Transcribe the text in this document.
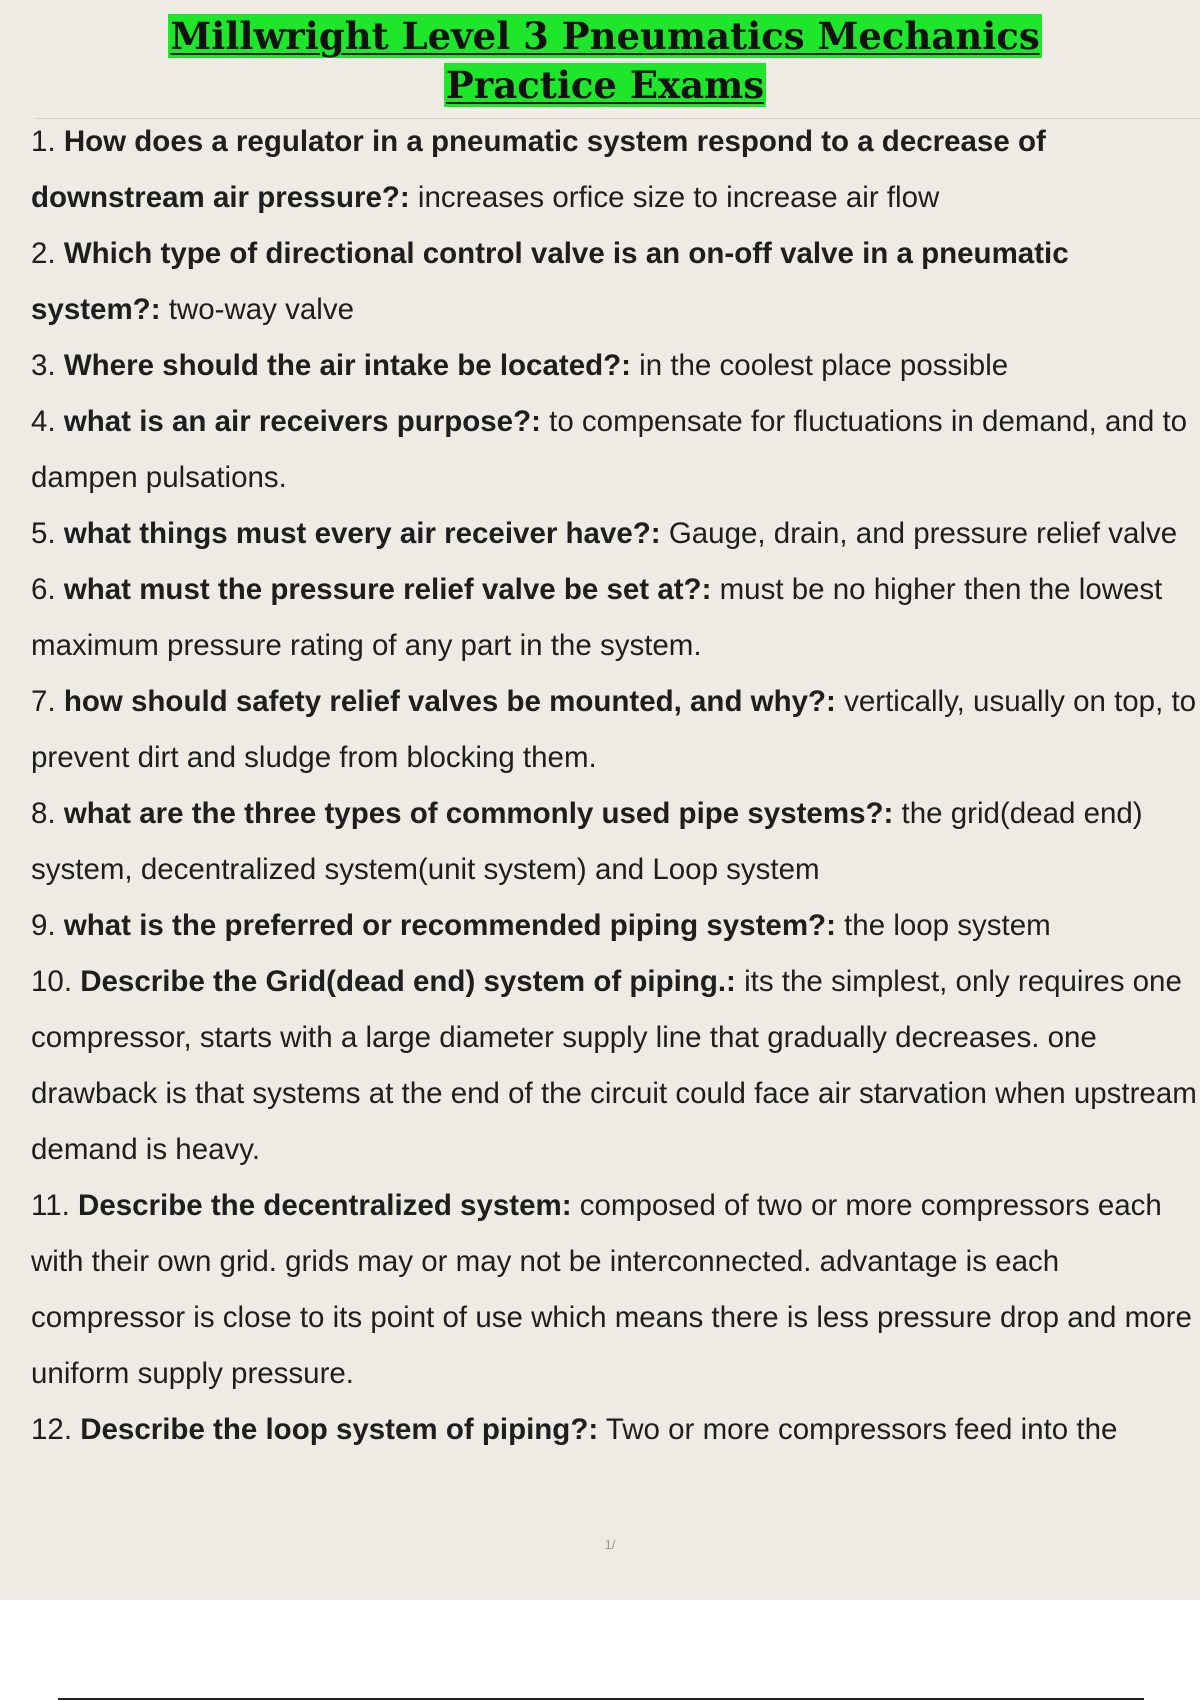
Millwright Level 3 Pneumatics Mechanics
Practice Exams

1. How does a regulator in a pneumatic system respond to a decrease of downstream air pressure?: increases orfice size to increase air flow

2. Which type of directional control valve is an on-off valve in a pneumatic system?: two-way valve

3. Where should the air intake be located?: in the coolest place possible

4. what is an air receivers purpose?: to compensate for fluctuations in demand, and to dampen pulsations.

5. what things must every air receiver have?: Gauge, drain, and pressure relief valve

6. what must the pressure relief valve be set at?: must be no higher then the lowest maximum pressure rating of any part in the system.

7. how should safety relief valves be mounted, and why?: vertically, usually on top, to prevent dirt and sludge from blocking them.

8. what are the three types of commonly used pipe systems?: the grid(dead end) system, decentralized system(unit system) and Loop system

9. what is the preferred or recommended piping system?: the loop system

10. Describe the Grid(dead end) system of piping.: its the simplest, only requires one compressor, starts with a large diameter supply line that gradually decreases. one drawback is that systems at the end of the circuit could face air starvation when upstream demand is heavy.

11. Describe the decentralized system: composed of two or more compressors each with their own grid. grids may or may not be interconnected. advantage is each compressor is close to its point of use which means there is less pressure drop and more uniform supply pressure.

12. Describe the loop system of piping?: Two or more compressors feed into the

1/
